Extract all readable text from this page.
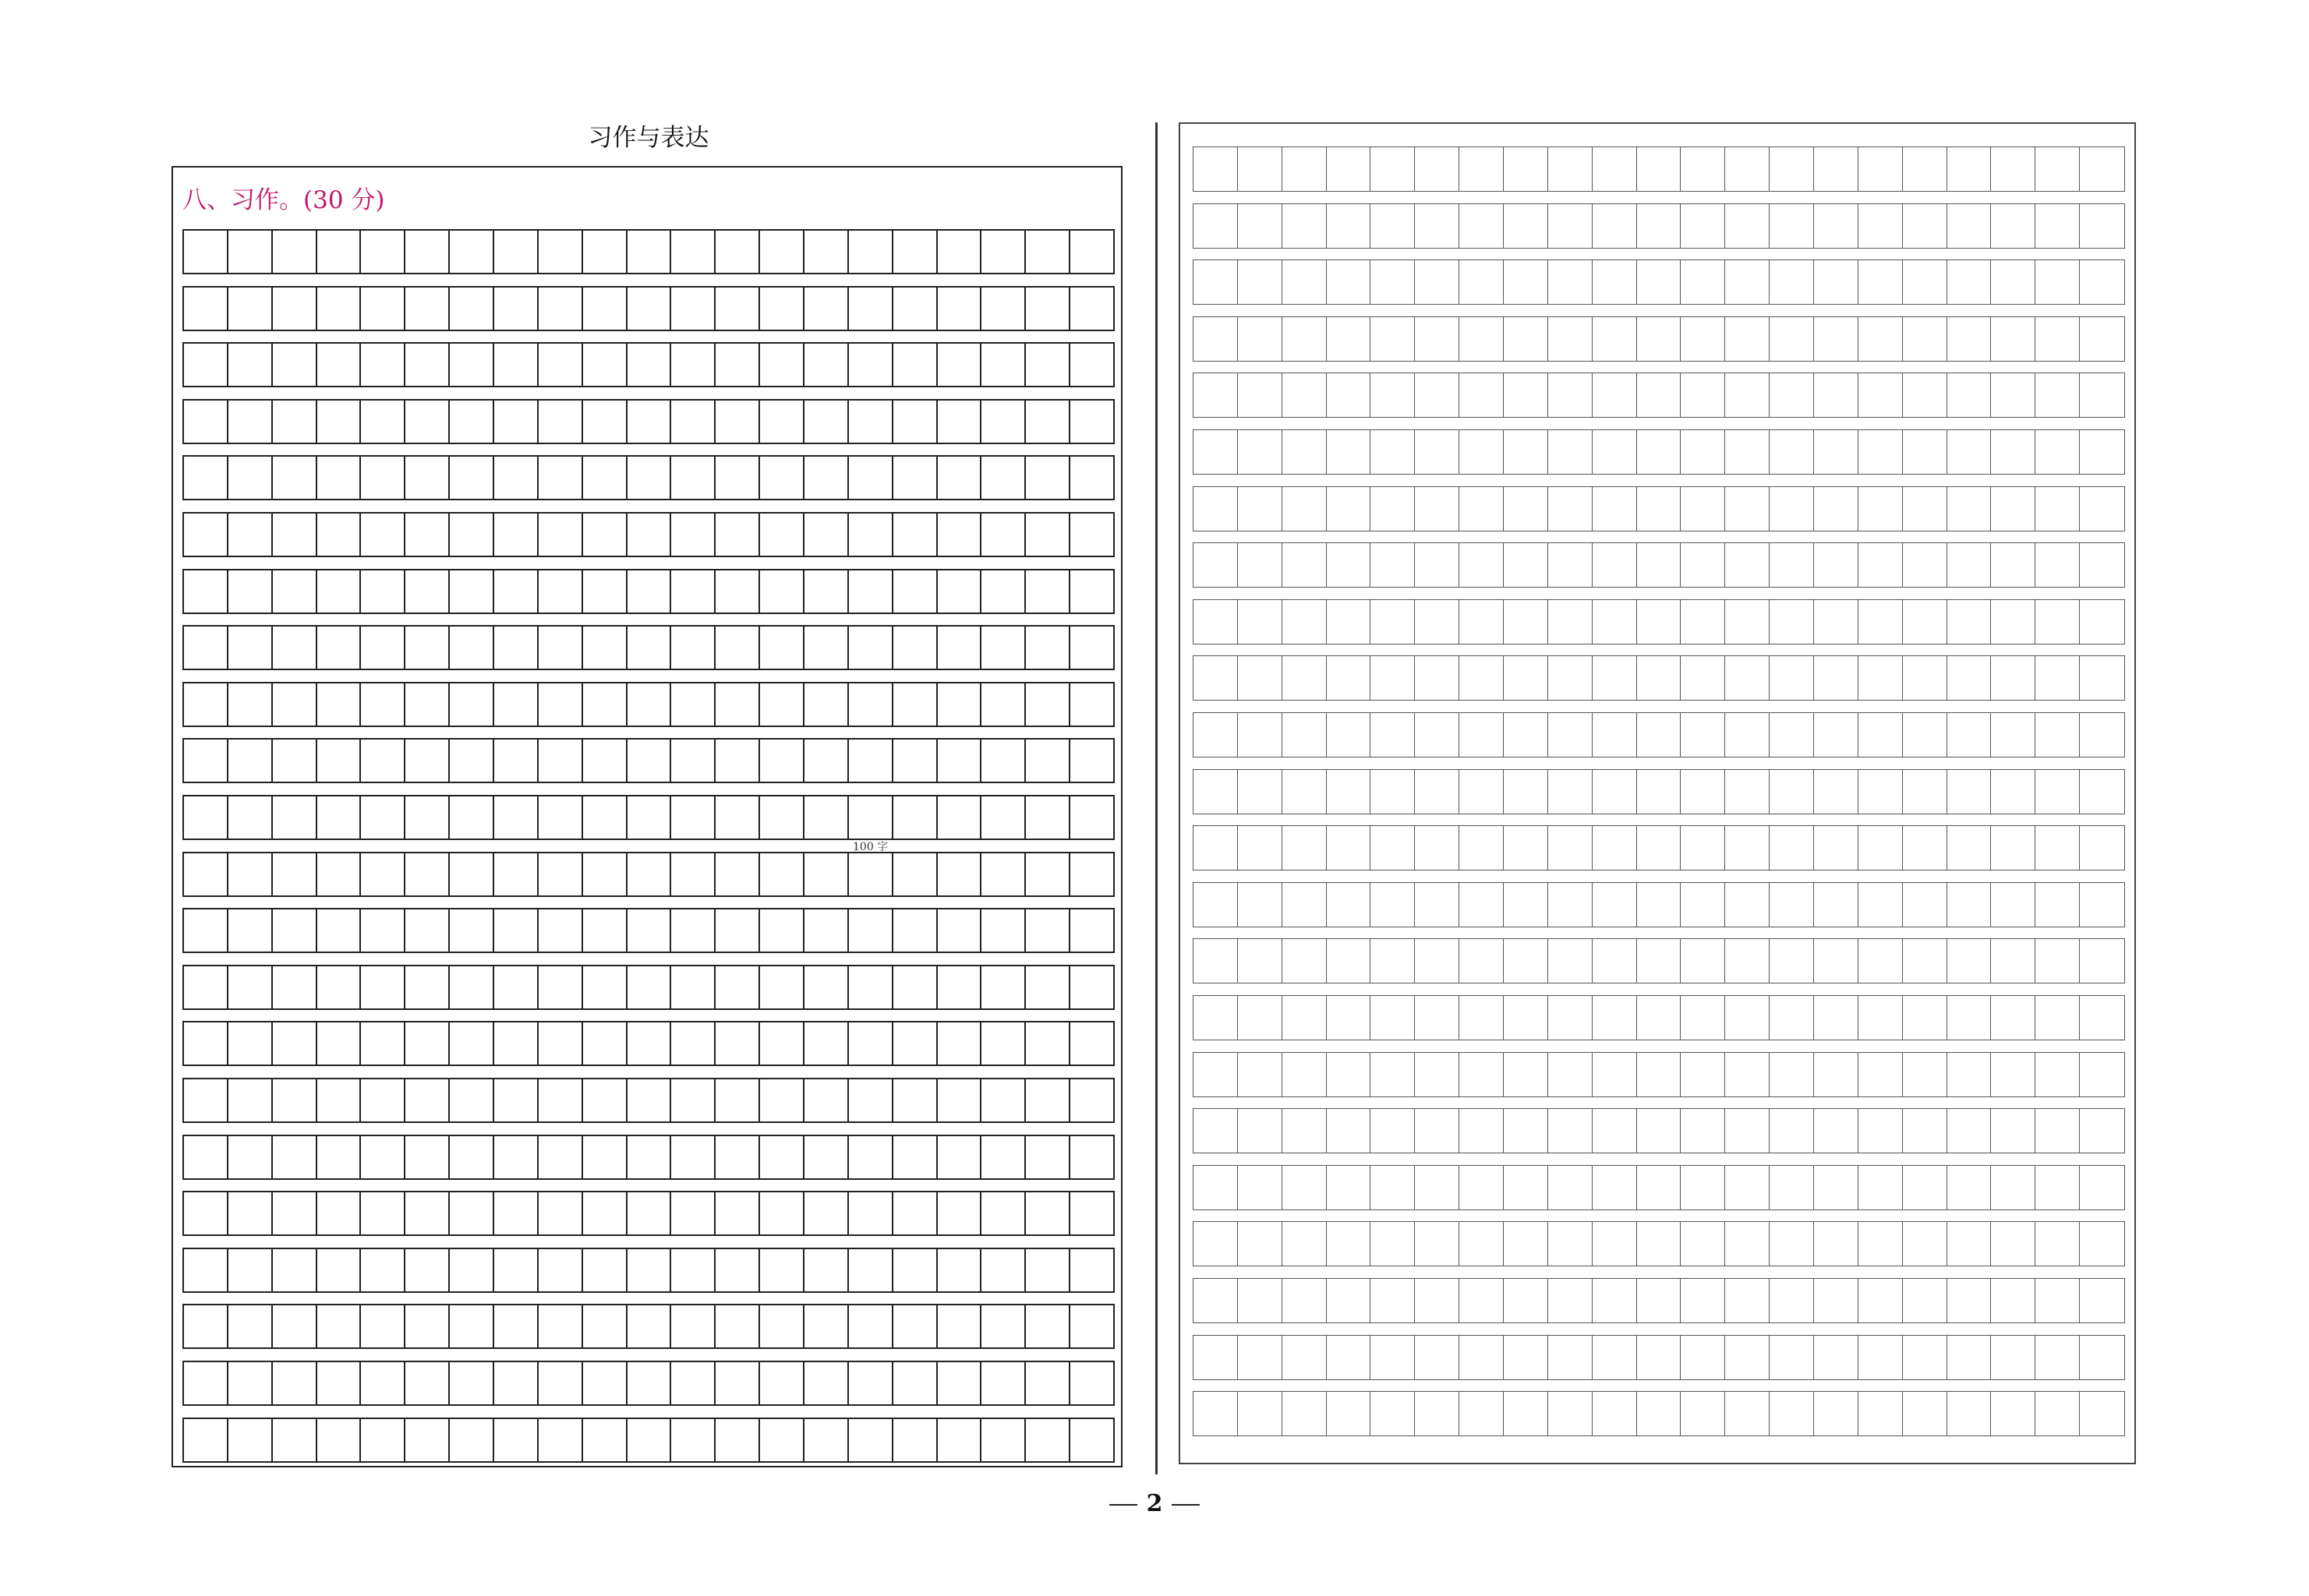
习作与表达
八、习作。(30 分)
100 字
2
